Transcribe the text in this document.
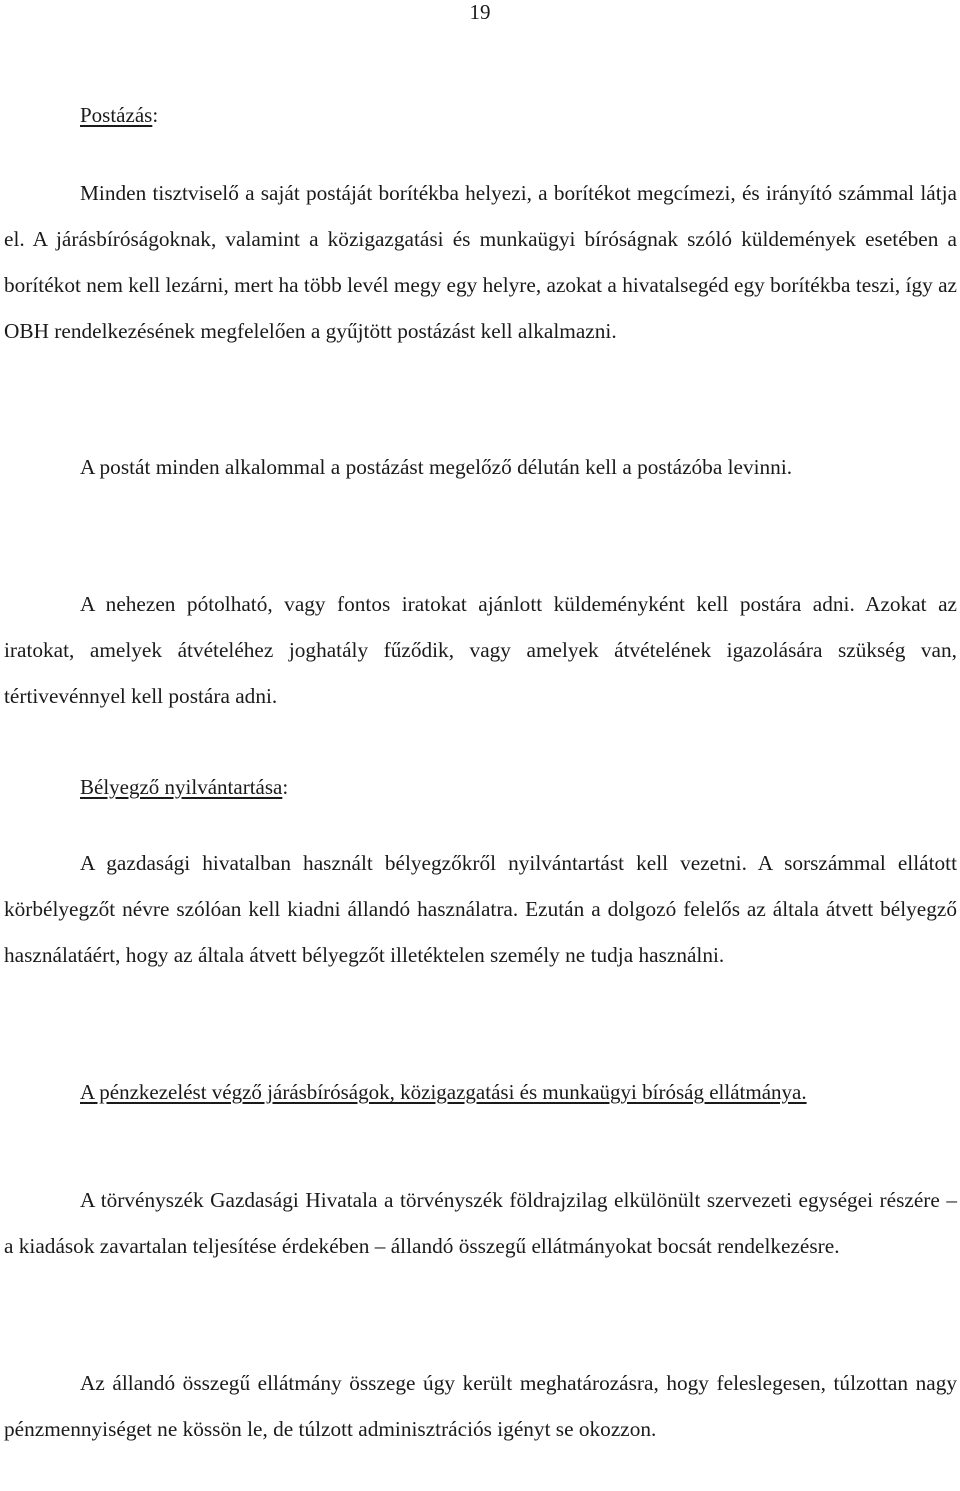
19
Postázás:

Minden tisztviselő a saját postáját borítékba helyezi, a borítékot megcímezi, és irányító számmal látja el. A járásbíróságoknak, valamint a közigazgatási és munkaügyi bíróságnak szóló küldemények esetében a borítékot nem kell lezárni, mert ha több levél megy egy helyre, azokat a hivatalsegéd egy borítékba teszi, így az OBH rendelkezésének megfelelően a gyűjtött postázást kell alkalmazni.

A postát minden alkalommal a postázást megelőző délután kell a postázóba levinni.

A nehezen pótolható, vagy fontos iratokat ajánlott küldeményként kell postára adni. Azokat az iratokat, amelyek átvételéhez joghatály fűződik, vagy amelyek átvételének igazolására szükség van, tértivevénnyel kell postára adni.

Bélyegző nyilvántartása:

A gazdasági hivatalban használt bélyegzőkről nyilvántartást kell vezetni. A sorszámmal ellátott körbélyegzőt névre szólóan kell kiadni állandó használatra. Ezután a dolgozó felelős az általa átvett bélyegző használatáért, hogy az általa átvett bélyegzőt illetéktelen személy ne tudja használni.

A pénzkezelést végző járásbíróságok, közigazgatási és munkaügyi bíróság ellátmánya.

A törvényszék Gazdasági Hivatala a törvényszék földrajzilag elkülönült szervezeti egységei részére – a kiadások zavartalan teljesítése érdekében – állandó összegű ellátmányokat bocsát rendelkezésre.

Az állandó összegű ellátmány összege úgy került meghatározásra, hogy feleslegesen, túlzottan nagy pénzmennyiséget ne kössön le, de túlzott adminisztrációs igényt se okozzon.
